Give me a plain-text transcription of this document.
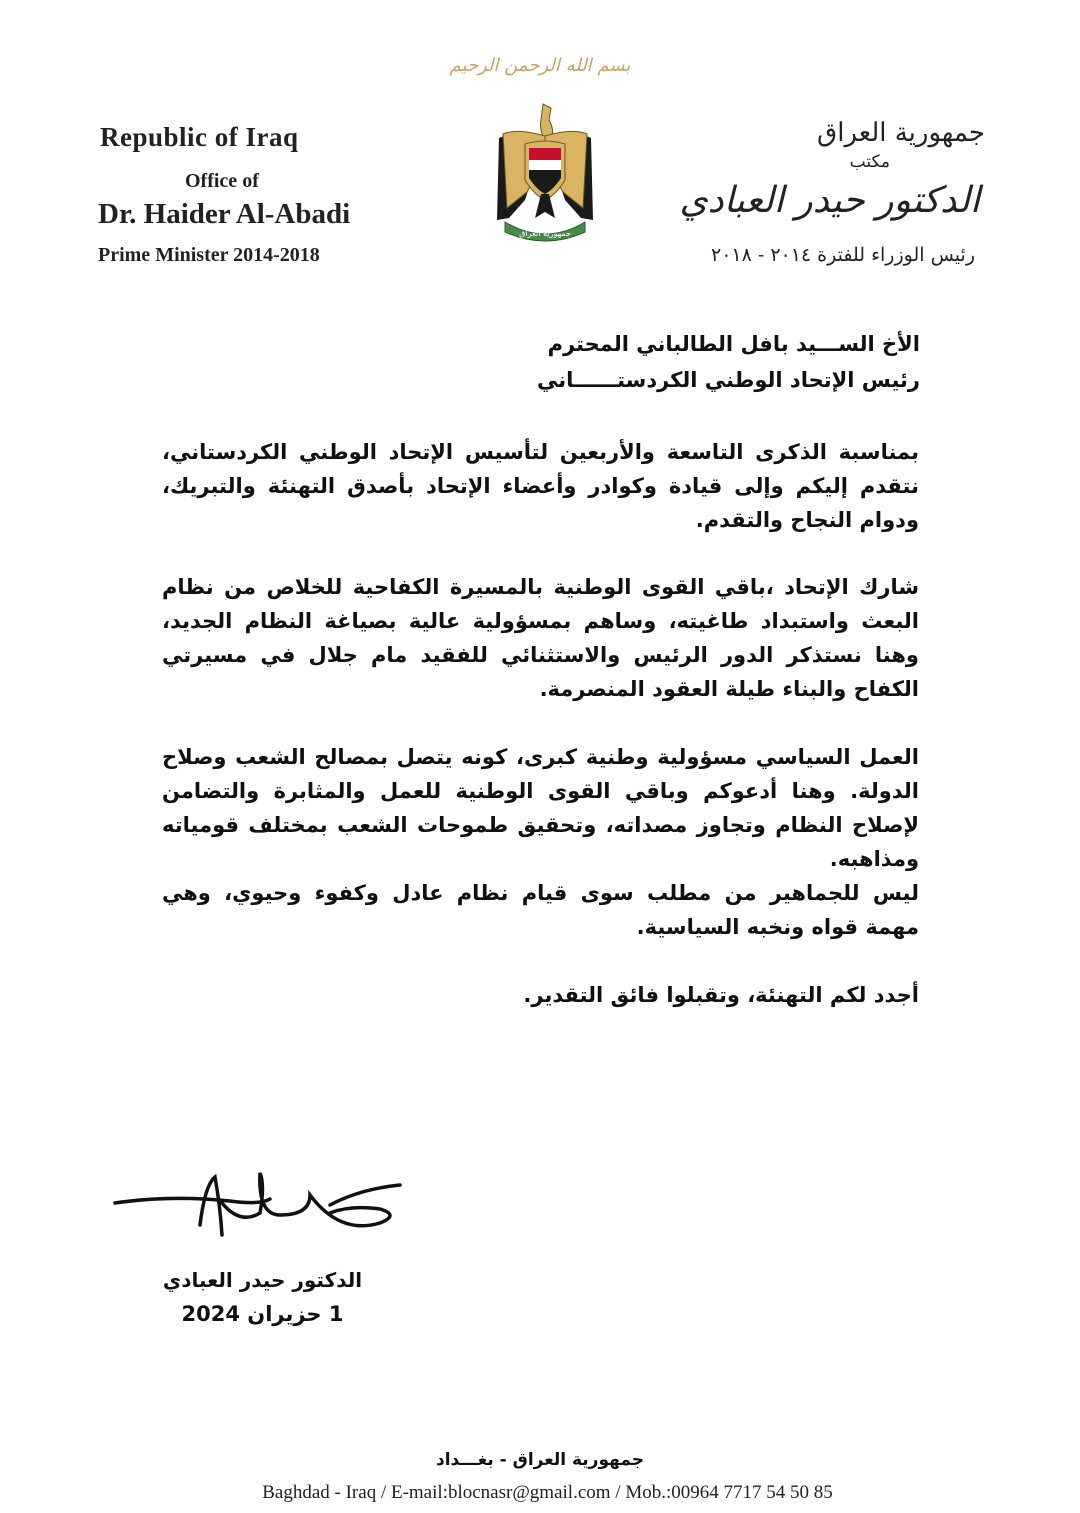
بسم الله الرحمن الرحيم
Republic of Iraq
Office of
Dr. Haider Al-Abadi
Prime Minister 2014-2018
جمهورية العراق
جمهورية العراق
مكتب
الدكتور حيدر العبادي
رئيس الوزراء للفترة ٢٠١٤ - ٢٠١٨
الأخ الســـيد بافل الطالباني المحترم
رئيس الإتحاد الوطني الكردستــــــاني
بمناسبة الذكرى التاسعة والأربعين لتأسيس الإتحاد الوطني الكردستاني، نتقدم إليكم وإلى قيادة وكوادر وأعضاء الإتحاد بأصدق التهنئة والتبريك، ودوام النجاح والتقدم.
شارك الإتحاد ،باقي القوى الوطنية بالمسيرة الكفاحية للخلاص من نظام البعث واستبداد طاغيته، وساهم بمسؤولية عالية بصياغة النظام الجديد، وهنا نستذكر الدور الرئيس والاستثنائي للفقيد مام جلال في مسيرتي الكفاح والبناء طيلة العقود المنصرمة.
العمل السياسي مسؤولية وطنية كبرى، كونه يتصل بمصالح الشعب وصلاح الدولة. وهنا أدعوكم وباقي القوى الوطنية للعمل والمثابرة والتضامن لإصلاح النظام وتجاوز مصداته، وتحقيق طموحات الشعب بمختلف قومياته ومذاهبه.
ليس للجماهير من مطلب سوى قيام نظام عادل وكفوء وحيوي، وهي مهمة قواه ونخبه السياسية.
أجدد لكم التهنئة، وتقبلوا فائق التقدير.
الدكتور حيدر العبادي
1 حزيران 2024
جمهورية العراق - بغـــداد
Baghdad - Iraq / E-mail:blocnasr@gmail.com / Mob.:00964 7717 54 50 85
